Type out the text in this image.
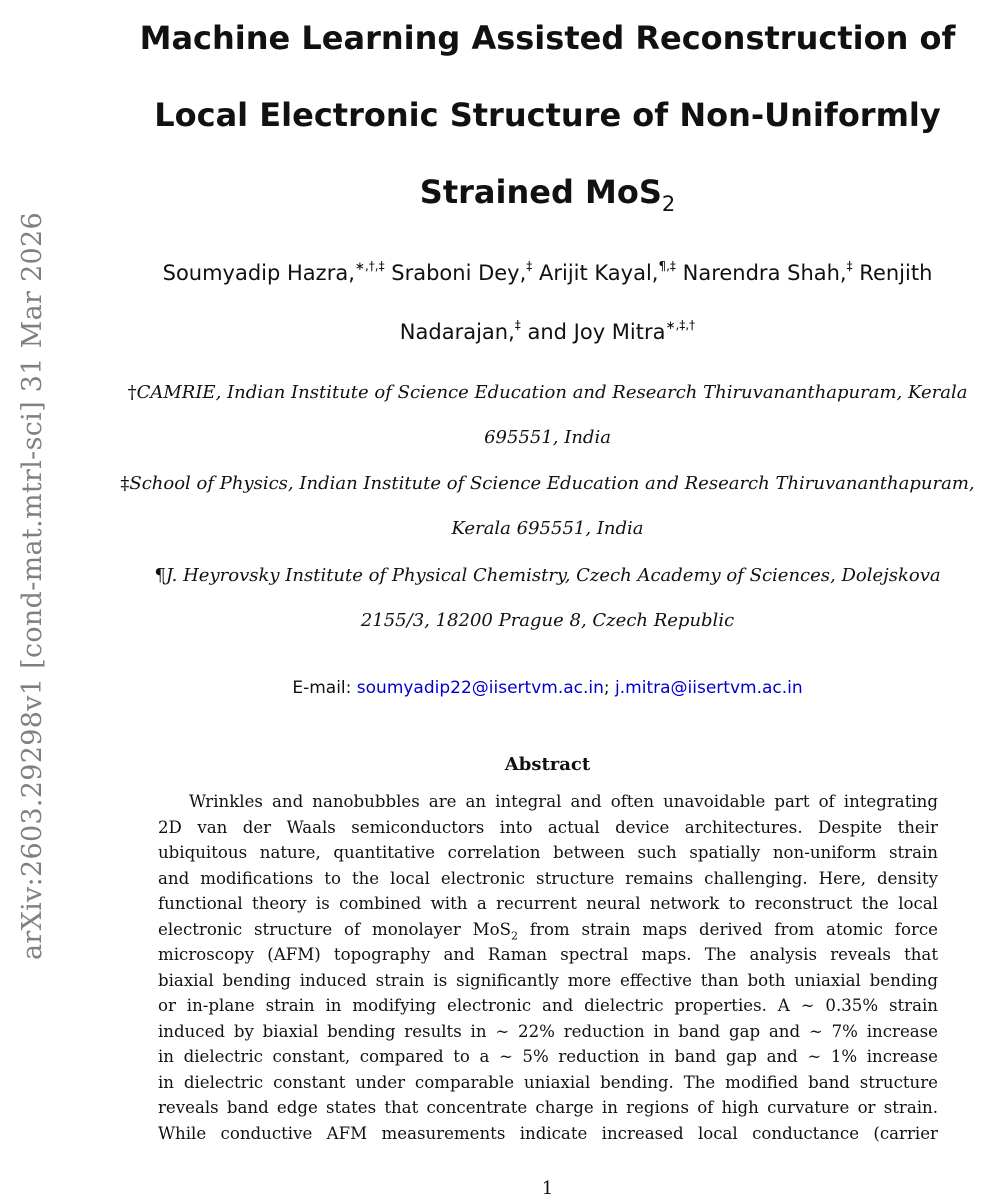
arXiv:2603.29298v1 [cond-mat.mtrl-sci] 31 Mar 2026
Machine Learning Assisted Reconstruction of
Local Electronic Structure of Non-Uniformly
Strained MoS$_2$
Soumyadip Hazra,∗,†,‡ Sraboni Dey,‡ Arijit Kayal,¶,‡ Narendra Shah,‡ Renjith Nadarajan,‡ and Joy Mitra∗,‡,†
†CAMRIE, Indian Institute of Science Education and Research Thiruvananthapuram, Kerala
695551, India
‡School of Physics, Indian Institute of Science Education and Research Thiruvananthapuram,
Kerala 695551, India
¶J. Heyrovsky Institute of Physical Chemistry, Czech Academy of Sciences, Dolejskova
2155/3, 18200 Prague 8, Czech Republic
E-mail: soumyadip22@iisertvm.ac.in; j.mitra@iisertvm.ac.in
Abstract
Wrinkles and nanobubbles are an integral and often unavoidable part of integrating
2D van der Waals semiconductors into actual device architectures. Despite their
ubiquitous nature, quantitative correlation between such spatially non-uniform strain
and modifications to the local electronic structure remains challenging. Here, density
functional theory is combined with a recurrent neural network to reconstruct the local
electronic structure of monolayer MoS$_2$ from strain maps derived from atomic force
microscopy (AFM) topography and Raman spectral maps. The analysis reveals that
biaxial bending induced strain is significantly more effective than both uniaxial bending
or in-plane strain in modifying electronic and dielectric properties. A ∼ 0.35% strain
induced by biaxial bending results in ∼ 22% reduction in band gap and ∼ 7% increase
in dielectric constant, compared to a ∼ 5% reduction in band gap and ∼ 1% increase
in dielectric constant under comparable uniaxial bending. The modified band structure
reveals band edge states that concentrate charge in regions of high curvature or strain.
While conductive AFM measurements indicate increased local conductance (carrier
1
